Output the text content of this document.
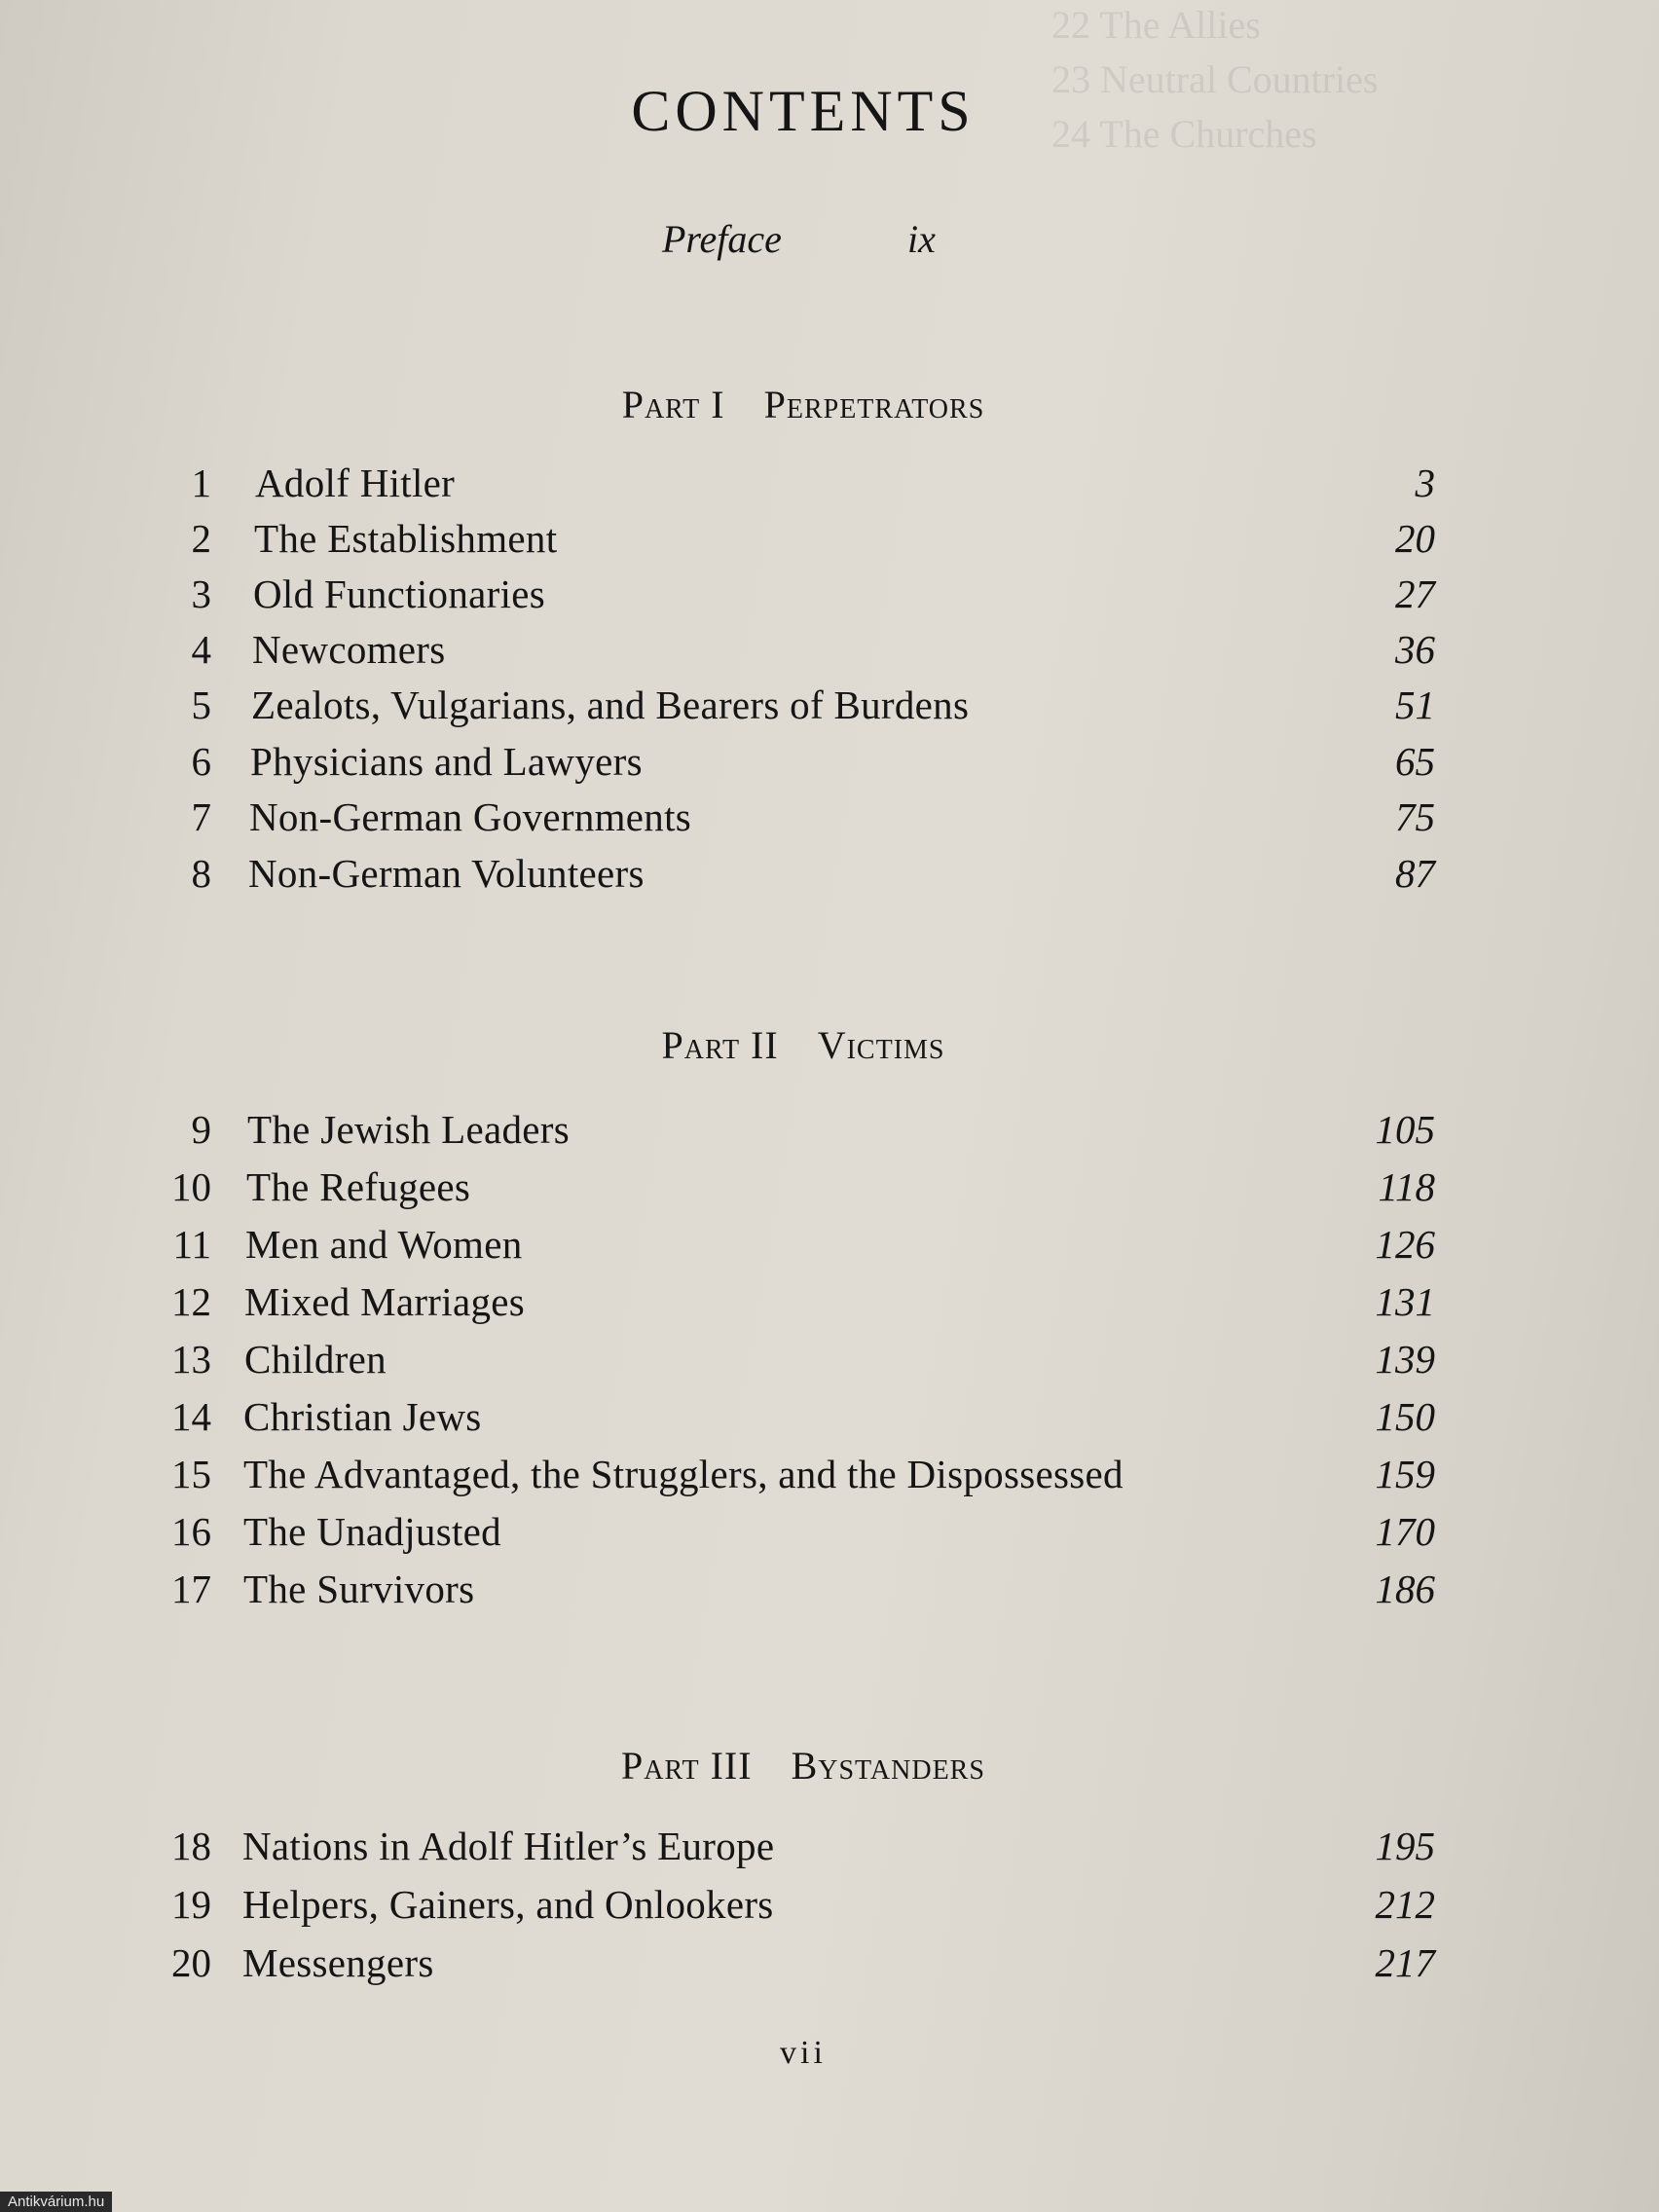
22 The Allies
23 Neutral Countries
24 The Churches
CONTENTS
Preface	ix
Part I Perpetrators
1 Adolf Hitler	3
2 The Establishment	20
3 Old Functionaries	27
4 Newcomers	36
5 Zealots, Vulgarians, and Bearers of Burdens	51
6 Physicians and Lawyers	65
7 Non-German Governments	75
8 Non-German Volunteers	87
Part II Victims
9 The Jewish Leaders	105
10 The Refugees	118
11 Men and Women	126
12 Mixed Marriages	131
13 Children	139
14 Christian Jews	150
15 The Advantaged, the Strugglers, and the Dispossessed	159
16 The Unadjusted	170
17 The Survivors	186
Part III Bystanders
18 Nations in Adolf Hitler’s Europe	195
19 Helpers, Gainers, and Onlookers	212
20 Messengers	217
vii
Antikvárium.hu
